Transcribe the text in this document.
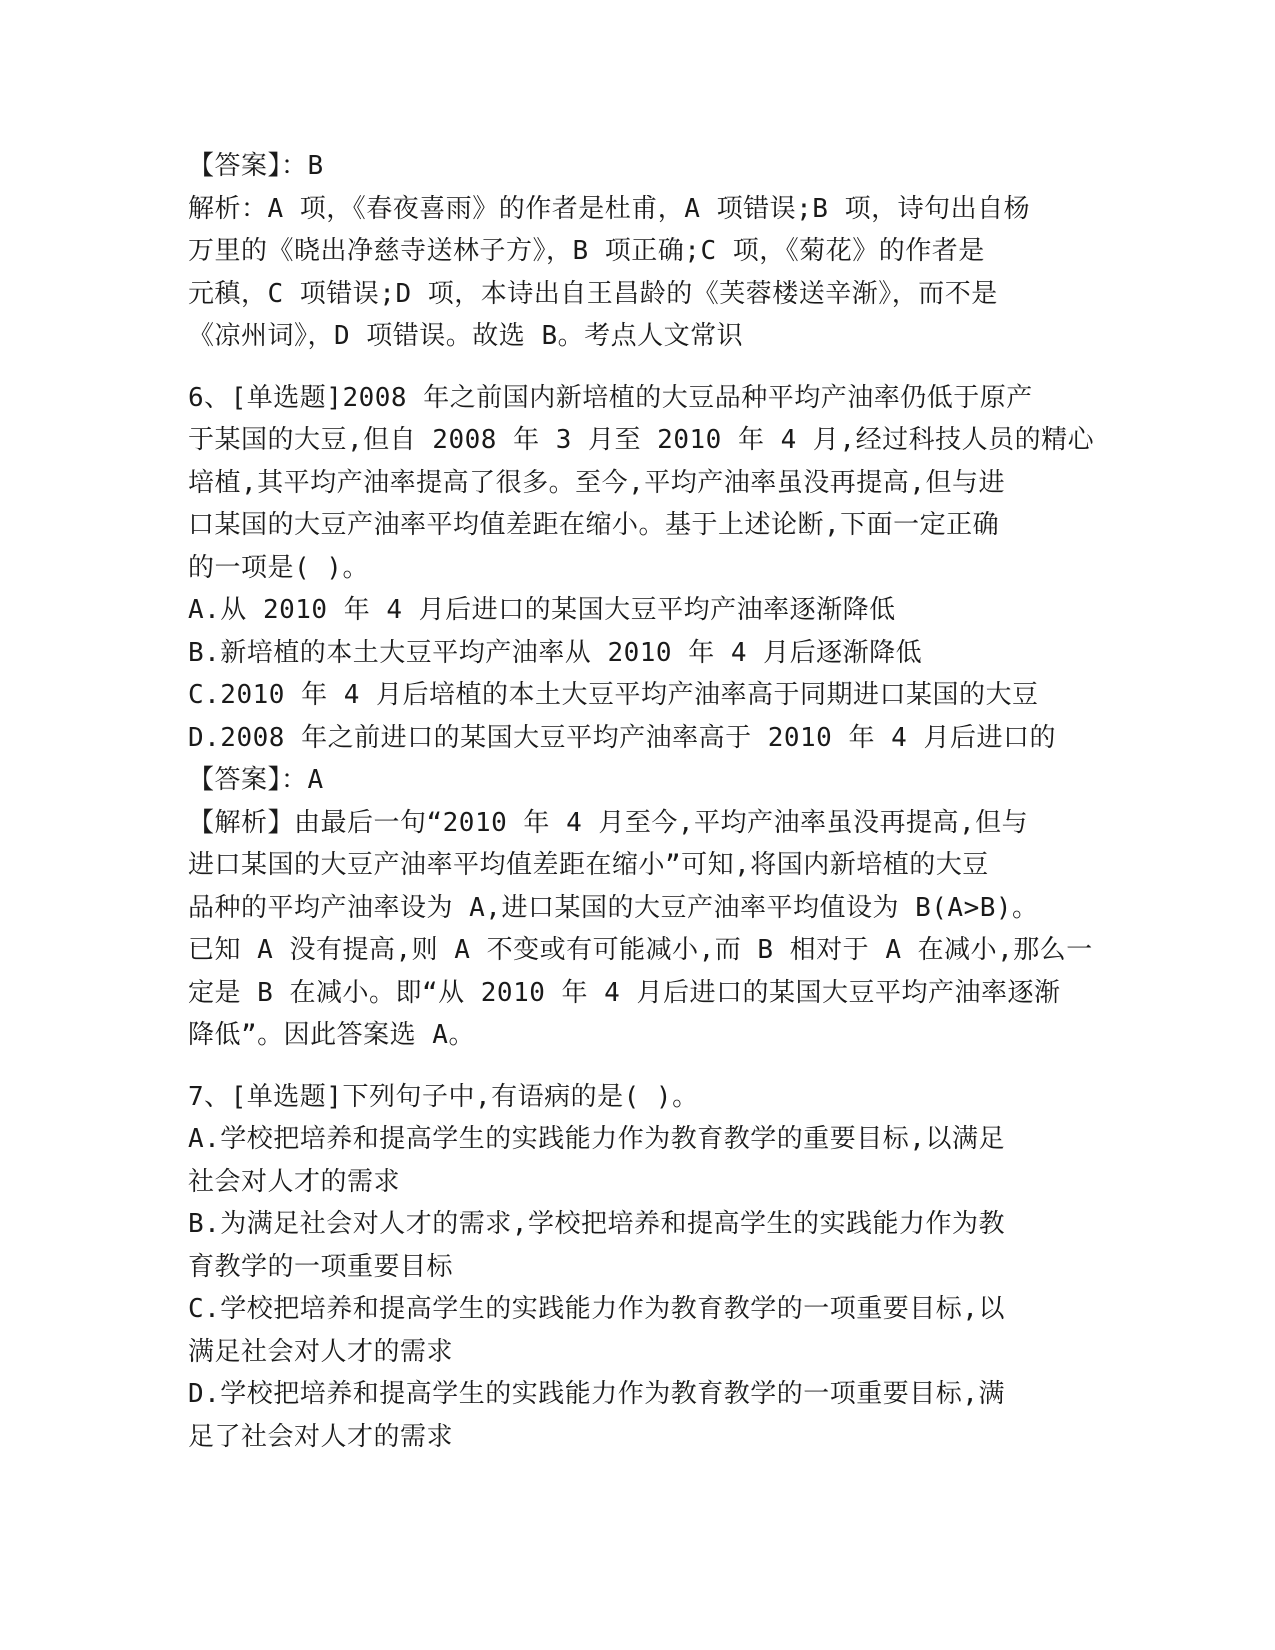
【答案】：B
解析：A 项，《春夜喜雨》的作者是杜甫，A 项错误;B 项，诗句出自杨
万里的《晓出净慈寺送林子方》，B 项正确;C 项，《菊花》的作者是
元稹，C 项错误;D 项，本诗出自王昌龄的《芙蓉楼送辛渐》，而不是
《凉州词》，D 项错误。故选 B。考点人文常识
6、[单选题]2008 年之前国内新培植的大豆品种平均产油率仍低于原产
于某国的大豆,但自 2008 年 3 月至 2010 年 4 月,经过科技人员的精心
培植,其平均产油率提高了很多。至今,平均产油率虽没再提高,但与进
口某国的大豆产油率平均值差距在缩小。基于上述论断,下面一定正确
的一项是( )。
A.从 2010 年 4 月后进口的某国大豆平均产油率逐渐降低
B.新培植的本土大豆平均产油率从 2010 年 4 月后逐渐降低
C.2010 年 4 月后培植的本土大豆平均产油率高于同期进口某国的大豆
D.2008 年之前进口的某国大豆平均产油率高于 2010 年 4 月后进口的
【答案】：A
【解析】由最后一句“2010 年 4 月至今,平均产油率虽没再提高,但与
进口某国的大豆产油率平均值差距在缩小”可知,将国内新培植的大豆
品种的平均产油率设为 A,进口某国的大豆产油率平均值设为 B(A>B)。
已知 A 没有提高,则 A 不变或有可能减小,而 B 相对于 A 在减小,那么一
定是 B 在减小。即“从 2010 年 4 月后进口的某国大豆平均产油率逐渐
降低”。因此答案选 A。
7、[单选题]下列句子中,有语病的是( )。
A.学校把培养和提高学生的实践能力作为教育教学的重要目标,以满足
社会对人才的需求
B.为满足社会对人才的需求,学校把培养和提高学生的实践能力作为教
育教学的一项重要目标
C.学校把培养和提高学生的实践能力作为教育教学的一项重要目标,以
满足社会对人才的需求
D.学校把培养和提高学生的实践能力作为教育教学的一项重要目标,满
足了社会对人才的需求
